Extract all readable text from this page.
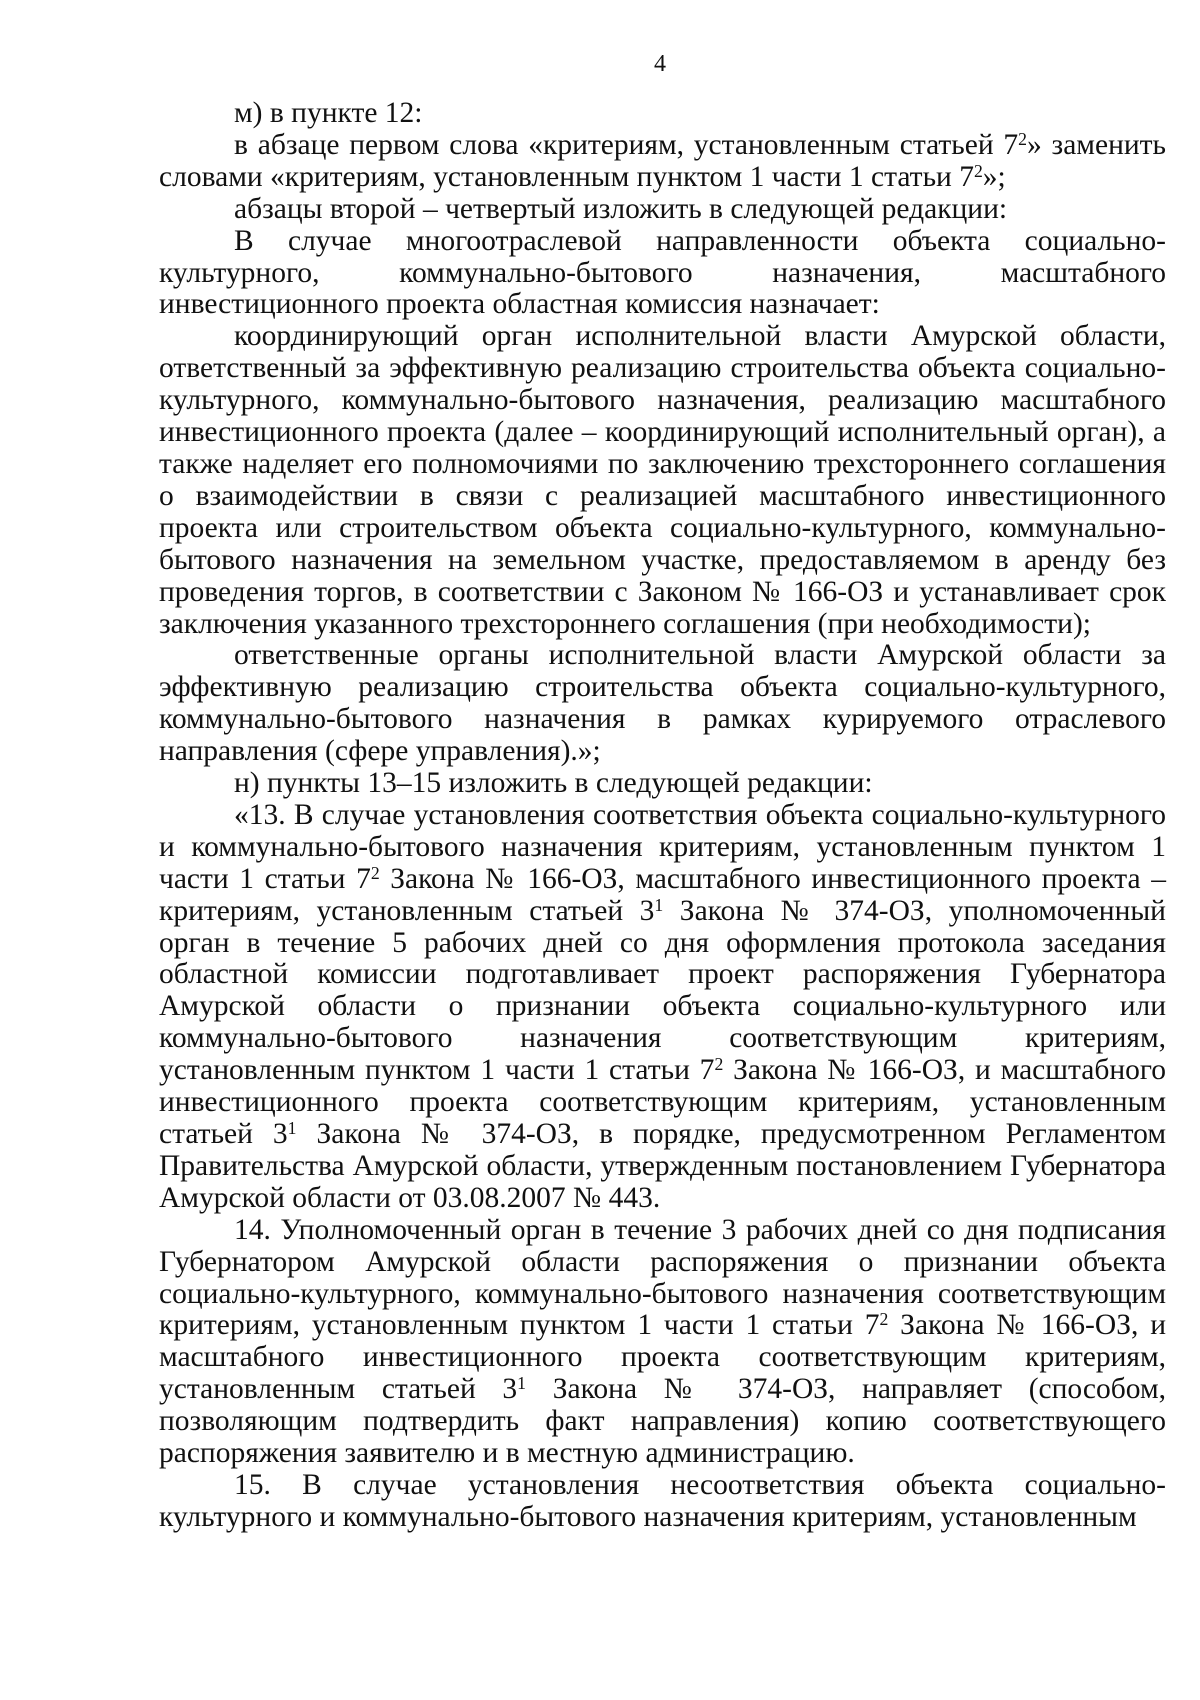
4

м) в пункте 12:

в абзаце первом слова «критериям, установленным статьей $7^2$» заменить словами «критериям, установленным пунктом 1 части 1 статьи $7^2$»;

абзацы второй – четвертый изложить в следующей редакции:

В случае многоотраслевой направленности объекта социально-культурного, коммунально-бытового назначения, масштабного инвестиционного проекта областная комиссия назначает:

координирующий орган исполнительной власти Амурской области, ответственный за эффективную реализацию строительства объекта социально-культурного, коммунально-бытового назначения, реализацию масштабного инвестиционного проекта (далее – координирующий исполнительный орган), а также наделяет его полномочиями по заключению трехстороннего соглашения о взаимодействии в связи с реализацией масштабного инвестиционного проекта или строительством объекта социально-культурного, коммунально-бытового назначения на земельном участке, предоставляемом в аренду без проведения торгов, в соответствии с Законом № 166-ОЗ и устанавливает срок заключения указанного трехстороннего соглашения (при необходимости);

ответственные органы исполнительной власти Амурской области за эффективную реализацию строительства объекта социально-культурного, коммунально-бытового назначения в рамках курируемого отраслевого направления (сфере управления).»;

н) пункты 13–15 изложить в следующей редакции:

«13. В случае установления соответствия объекта социально-культурного и коммунально-бытового назначения критериям, установленным пунктом 1 части 1 статьи $7^2$ Закона № 166-ОЗ, масштабного инвестиционного проекта – критериям, установленным статьей $3^1$ Закона № 374-ОЗ, уполномоченный орган в течение 5 рабочих дней со дня оформления протокола заседания областной комиссии подготавливает проект распоряжения Губернатора Амурской области о признании объекта социально-культурного или коммунально-бытового назначения соответствующим критериям, установленным пунктом 1 части 1 статьи $7^2$ Закона № 166-ОЗ, и масштабного инвестиционного проекта соответствующим критериям, установленным статьей $3^1$ Закона № 374-ОЗ, в порядке, предусмотренном Регламентом Правительства Амурской области, утвержденным постановлением Губернатора Амурской области от 03.08.2007 № 443.

14. Уполномоченный орган в течение 3 рабочих дней со дня подписания Губернатором Амурской области распоряжения о признании объекта социально-культурного, коммунально-бытового назначения соответствующим критериям, установленным пунктом 1 части 1 статьи $7^2$ Закона № 166-ОЗ, и масштабного инвестиционного проекта соответствующим критериям, установленным статьей $3^1$ Закона № 374-ОЗ, направляет (способом, позволяющим подтвердить факт направления) копию соответствующего распоряжения заявителю и в местную администрацию.

15. В случае установления несоответствия объекта социально-культурного и коммунально-бытового назначения критериям, установленным
